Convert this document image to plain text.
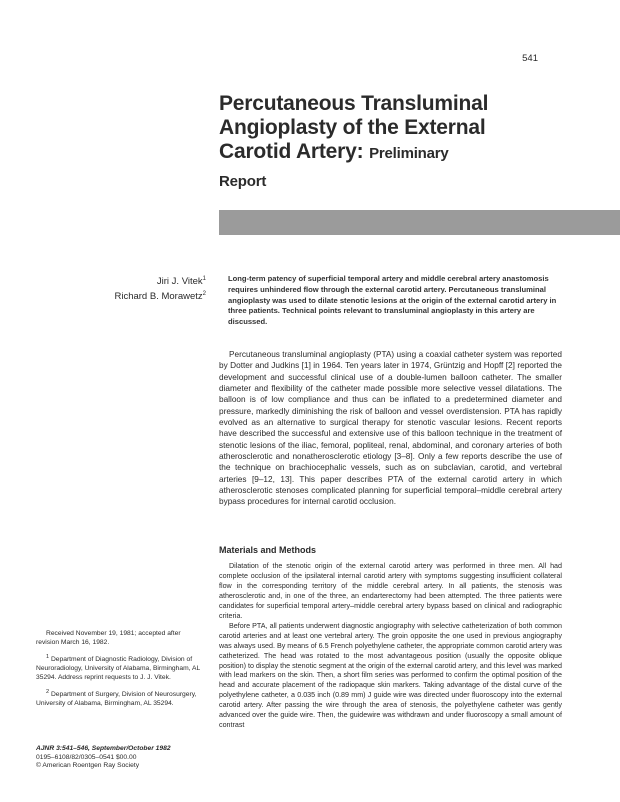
541
Percutaneous Transluminal
Angioplasty of the External
Carotid Artery: Preliminary
Report
Jiri J. Vitek$^1$
Richard B. Morawetz$^2$
Long-term patency of superficial temporal artery and middle cerebral artery anastomosis requires unhindered flow through the external carotid artery. Percutaneous transluminal angioplasty was used to dilate stenotic lesions at the origin of the external carotid artery in three patients. Technical points relevant to transluminal angioplasty in this artery are discussed.

Percutaneous transluminal angioplasty (PTA) using a coaxial catheter system was reported by Dotter and Judkins [1] in 1964. Ten years later in 1974, Grüntzig and Hopff [2] reported the development and successful clinical use of a double-lumen balloon catheter. The smaller diameter and flexibility of the catheter made possible more selective vessel dilatations. The balloon is of low compliance and thus can be inflated to a predetermined diameter and pressure, markedly diminishing the risk of balloon and vessel overdistension. PTA has rapidly evolved as an alternative to surgical therapy for stenotic vascular lesions. Recent reports have described the successful and extensive use of this balloon technique in the treatment of stenotic lesions of the iliac, femoral, popliteal, renal, abdominal, and coronary arteries of both atherosclerotic and nonatherosclerotic etiology [3–8]. Only a few reports describe the use of the technique on brachiocephalic vessels, such as on subclavian, carotid, and vertebral arteries [9–12, 13]. This paper describes PTA of the external carotid artery in which atherosclerotic stenoses complicated planning for superficial temporal–middle cerebral artery bypass procedures for internal carotid occlusion.

Materials and Methods

Dilatation of the stenotic origin of the external carotid artery was performed in three men. All had complete occlusion of the ipsilateral internal carotid artery with symptoms suggesting insufficient collateral flow in the corresponding territory of the middle cerebral artery. In all patients, the stenosis was atherosclerotic and, in one of the three, an endarterectomy had been attempted. The three patients were candidates for superficial temporal artery–middle cerebral artery bypass based on clinical and radiographic criteria.

Before PTA, all patients underwent diagnostic angiography with selective catheterization of both common carotid arteries and at least one vertebral artery. The groin opposite the one used in previous angiography was always used. By means of 6.5 French polyethylene catheter, the appropriate common carotid artery was catheterized. The head was rotated to the most advantageous position (usually the opposite oblique position) to display the stenotic segment at the origin of the external carotid artery, and this level was marked with lead markers on the skin. Then, a short film series was performed to confirm the optimal position of the head and accurate placement of the radiopaque skin markers. Taking advantage of the distal curve of the polyethylene catheter, a 0.035 inch (0.89 mm) J guide wire was directed under fluoroscopy into the external carotid artery. After passing the wire through the area of stenosis, the polyethylene catheter was gently advanced over the guide wire. Then, the guidewire was withdrawn and under fluoroscopy a small amount of contrast

Received November 19, 1981; accepted after revision March 16, 1982.

$^1$ Department of Diagnostic Radiology, Division of Neuroradiology, University of Alabama, Birmingham, AL 35294. Address reprint requests to J. J. Vitek.

$^2$ Department of Surgery, Division of Neurosurgery, University of Alabama, Birmingham, AL 35294.

AJNR 3:541–546, September/October 1982
0195–6108/82/0305–0541 $00.00
© American Roentgen Ray Society
